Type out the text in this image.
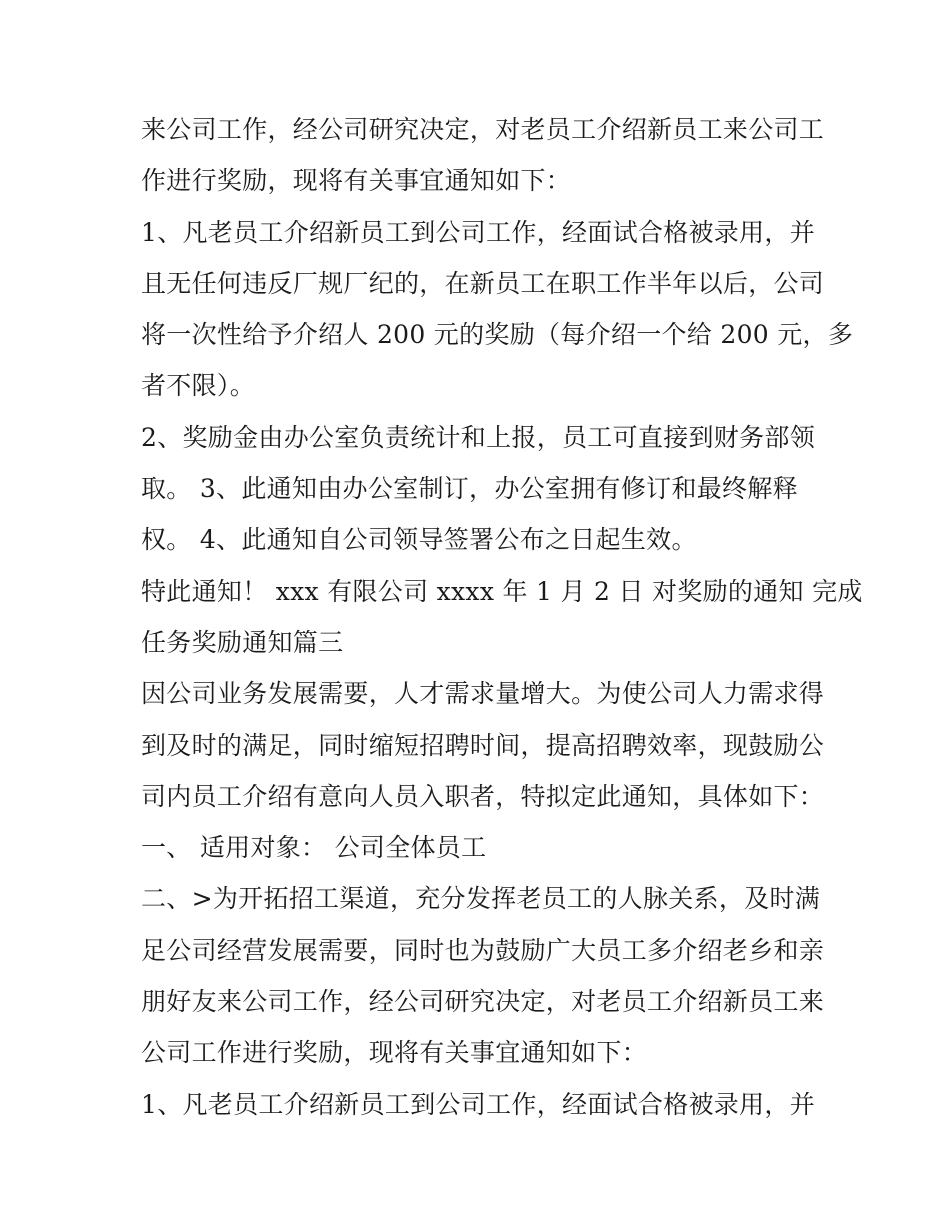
来公司工作，经公司研究决定，对老员工介绍新员工来公司工
作进行奖励，现将有关事宜通知如下：
1、凡老员工介绍新员工到公司工作，经面试合格被录用，并
且无任何违反厂规厂纪的，在新员工在职工作半年以后，公司
将一次性给予介绍人 200 元的奖励（每介绍一个给 200 元，多
者不限）。
2、奖励金由办公室负责统计和上报，员工可直接到财务部领
取。 3、此通知由办公室制订，办公室拥有修订和最终解释
权。 4、此通知自公司领导签署公布之日起生效。
特此通知！ xxx 有限公司 xxxx 年 1 月 2 日 对奖励的通知 完成
任务奖励通知篇三
因公司业务发展需要，人才需求量增大。为使公司人力需求得
到及时的满足，同时缩短招聘时间，提高招聘效率，现鼓励公
司内员工介绍有意向人员入职者，特拟定此通知，具体如下：
一、 适用对象： 公司全体员工
二、>为开拓招工渠道，充分发挥老员工的人脉关系，及时满
足公司经营发展需要，同时也为鼓励广大员工多介绍老乡和亲
朋好友来公司工作，经公司研究决定，对老员工介绍新员工来
公司工作进行奖励，现将有关事宜通知如下：
1、凡老员工介绍新员工到公司工作，经面试合格被录用，并
